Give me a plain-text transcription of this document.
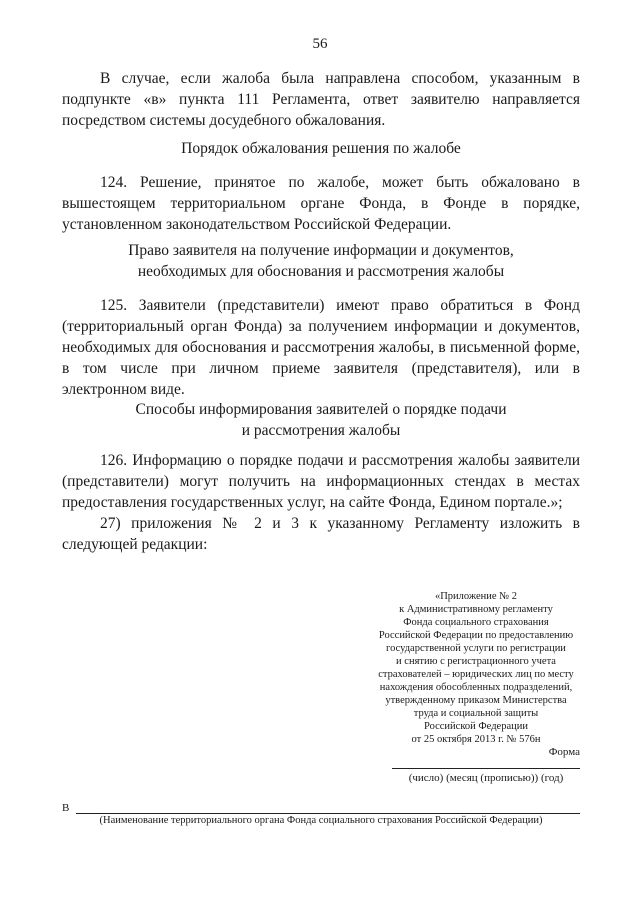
56

В случае, если жалоба была направлена способом, указанным в подпункте «в» пункта 111 Регламента, ответ заявителю направляется посредством системы досудебного обжалования.

Порядок обжалования решения по жалобе

124. Решение, принятое по жалобе, может быть обжаловано в вышестоящем территориальном органе Фонда, в Фонде в порядке, установленном законодательством Российской Федерации.

Право заявителя на получение информации и документов,
необходимых для обоснования и рассмотрения жалобы

125. Заявители (представители) имеют право обратиться в Фонд (территориальный орган Фонда) за получением информации и документов, необходимых для обоснования и рассмотрения жалобы, в письменной форме, в том числе при личном приеме заявителя (представителя), или в электронном виде.

Способы информирования заявителей о порядке подачи
и рассмотрения жалобы

126. Информацию о порядке подачи и рассмотрения жалобы заявители (представители) могут получить на информационных стендах в местах предоставления государственных услуг, на сайте Фонда, Едином портале.»;

27) приложения № 2 и 3 к указанному Регламенту изложить в следующей редакции:

«Приложение № 2
к Административному регламенту
Фонда социального страхования
Российской Федерации по предоставлению
государственной услуги по регистрации
и снятию с регистрационного учета
страхователей – юридических лиц по месту
нахождения обособленных подразделений,
утвержденному приказом Министерства
труда и социальной защиты
Российской Федерации
от 25 октября 2013 г. № 576н
Форма
(число) (месяц (прописью)) (год)
В
(Наименование территориального органа Фонда социального страхования Российской Федерации)
